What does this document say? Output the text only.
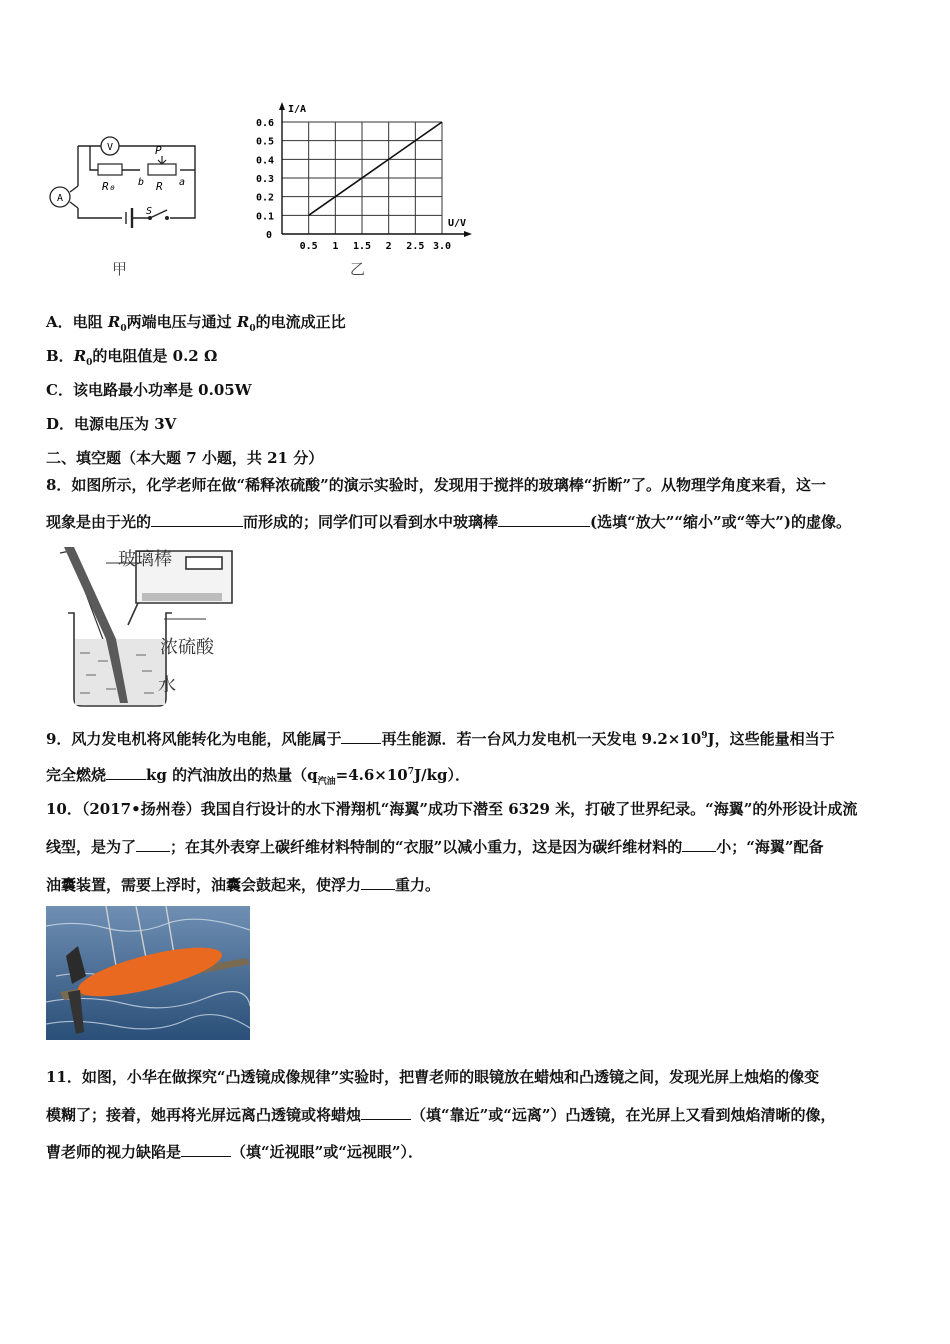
V
A
R₀	R
P
b	a
S
甲
0.5 1 1.5 2 2.5 3.0
0.6
0.5
0.4
0.3
0.2
0.1
U/V
I/A
0
乙
A．电阻 $R_0$两端电压与通过 $R_0$的电流成正比
B．$R_0$的电阻值是 0.2 Ω
C．该电路最小功率是 0.05W
D．电源电压为 3V
二、填空题（本大题 7 小题，共 21 分）
8．如图所示，化学老师在做“稀释浓硫酸”的演示实验时，发现用于搅拌的玻璃棒“折断”了。从物理学角度来看，这一
现象是由于光的	而形成的；同学们可以看到水中玻璃棒	(选填“放大”“缩小”或“等大”)的虚像。
玻璃棒
浓硫酸
水
9．风力发电机将风能转化为电能，风能属于	再生能源．若一台风力发电机一天发电 $9.2\times 10^9J$，这些能量相当于
完全燃烧	kg 的汽油放出的热量$(q_{汽油}=4.6\times 10^7J/kg)$．
10．（2017•扬州卷）我国自行设计的水下滑翔机“海翼”成功下潜至 6329 米，打破了世界纪录。“海翼”的外形设计成流
线型，是为了 ；在其外表穿上碳纤维材料特制的“衣服”以减小重力，这是因为碳纤维材料的 小；“海翼”配备
油囊装置，需要上浮时，油囊会鼓起来，使浮力 重力。
11．如图，小华在做探究“凸透镜成像规律”实验时，把曹老师的眼镜放在蜡烛和凸透镜之间，发现光屏上烛焰的像变
模糊了；接着，她再将光屏远离凸透镜或将蜡烛	（填“靠近”或“远离”）凸透镜，在光屏上又看到烛焰清晰的像，
曹老师的视力缺陷是	（填“近视眼”或“远视眼”）．
